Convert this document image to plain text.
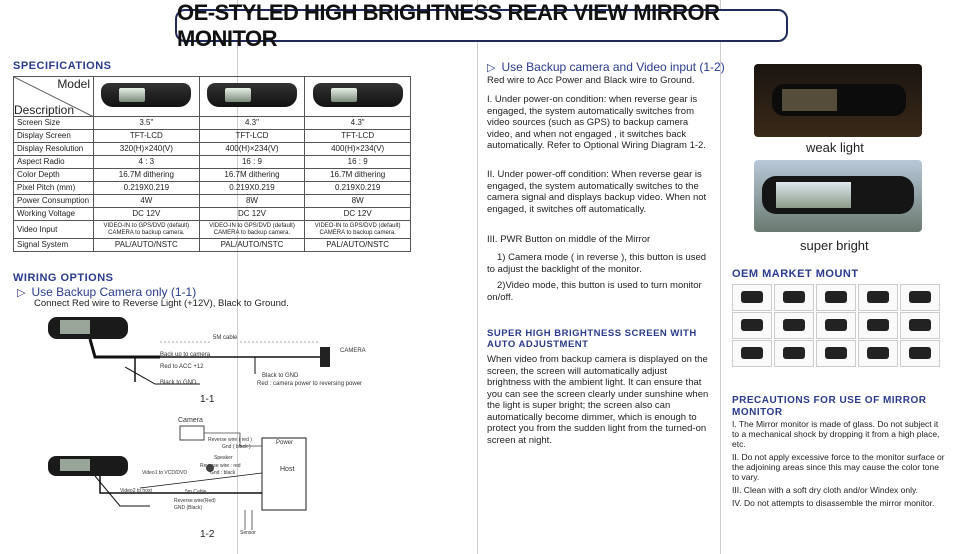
OE-STYLED HIGH BRIGHTNESS REAR VIEW MIRROR MONITOR
SPECIFICATIONS
Model
Description			

Screen Size	3.5"	4.3"	4.3"
Display Screen	TFT-LCD	TFT-LCD	TFT-LCD
Display Resolution	320(H)×240(V)	400(H)×234(V)	400(H)×234(V)
Aspect Radio	4 : 3	16 : 9	16 : 9
Color Depth	16.7M dithering	16.7M dithering	16.7M dithering
Pixel Pitch (mm)	0.219X0.219	0.219X0.219	0.219X0.219
Power Consumption	4W	8W	8W
Working Voltage	DC 12V	DC 12V	DC 12V
Video Input	VIDEO-IN to GPS/DVD (default) CAMERA to backup camera.	VIDEO-IN to GPS/DVD (default) CAMERA to backup camera.	VIDEO-IN to GPS/DVD (default) CAMERA to backup camera.
Signal System	PAL/AUTO/NSTC	PAL/AUTO/NSTC	PAL/AUTO/NSTC
WIRING OPTIONS
▷ Use Backup Camera only (1-1)
Connect Red wire to Reverse Light (+12V), Black to Ground.
5M cable
Back up to camera
Red to ACC +12
Black to GND
CAMERA
Black to GND
Red : camera power to reversing power
1-1
Camera
Reverse wire ( red )
Gnd ( black )
Power
Speaker
Reverse wire : red
Gnd : black	Host
Video1 to VCD/DVD
Video2 to host	5m Cable
Reverse wire(Red)
GND (Black)
Sensor
1-2
▷ Use Backup camera and Video input (1-2)
Red wire to Acc Power and Black wire to Ground.
I. Under power-on condition: when reverse gear is engaged, the system automatically switches from video sources (such as GPS) to backup camera video, and when not engaged , it switches back automatically. Refer to Optional Wiring Diagram 1-2.
II. Under power-off condition: When reverse gear is engaged, the system automatically switches to the camera signal and displays backup video. When not engaged, it switches off automatically.
III. PWR Button on middle of the Mirror
1) Camera mode ( in reverse ), this button is used to adjust the backlight of the monitor.
2)Video mode, this button is used to turn monitor on/off.
SUPER HIGH BRIGHTNESS SCREEN WITH AUTO ADJUSTMENT
When video from backup camera is displayed on the screen, the screen will automatically adjust brightness with the ambient light. It can ensure that you can see the screen clearly under sunshine when the light is super bright; the screen also can automatically become dimmer, which is enough to protect you from the sudden light from the turned-on screen at night.
weak light
super bright
OEM MARKET MOUNT
PRECAUTIONS FOR USE OF MIRROR MONITOR
I. The Mirror monitor is made of glass. Do not subject it to a mechanical shock by dropping it from a high place, etc.
II. Do not apply excessive force to the monitor surface or the adjoining areas since this may cause the color tone to vary.
III. Clean with a soft dry cloth and/or Windex only.
IV. Do not attempts to disassemble the mirror monitor.
